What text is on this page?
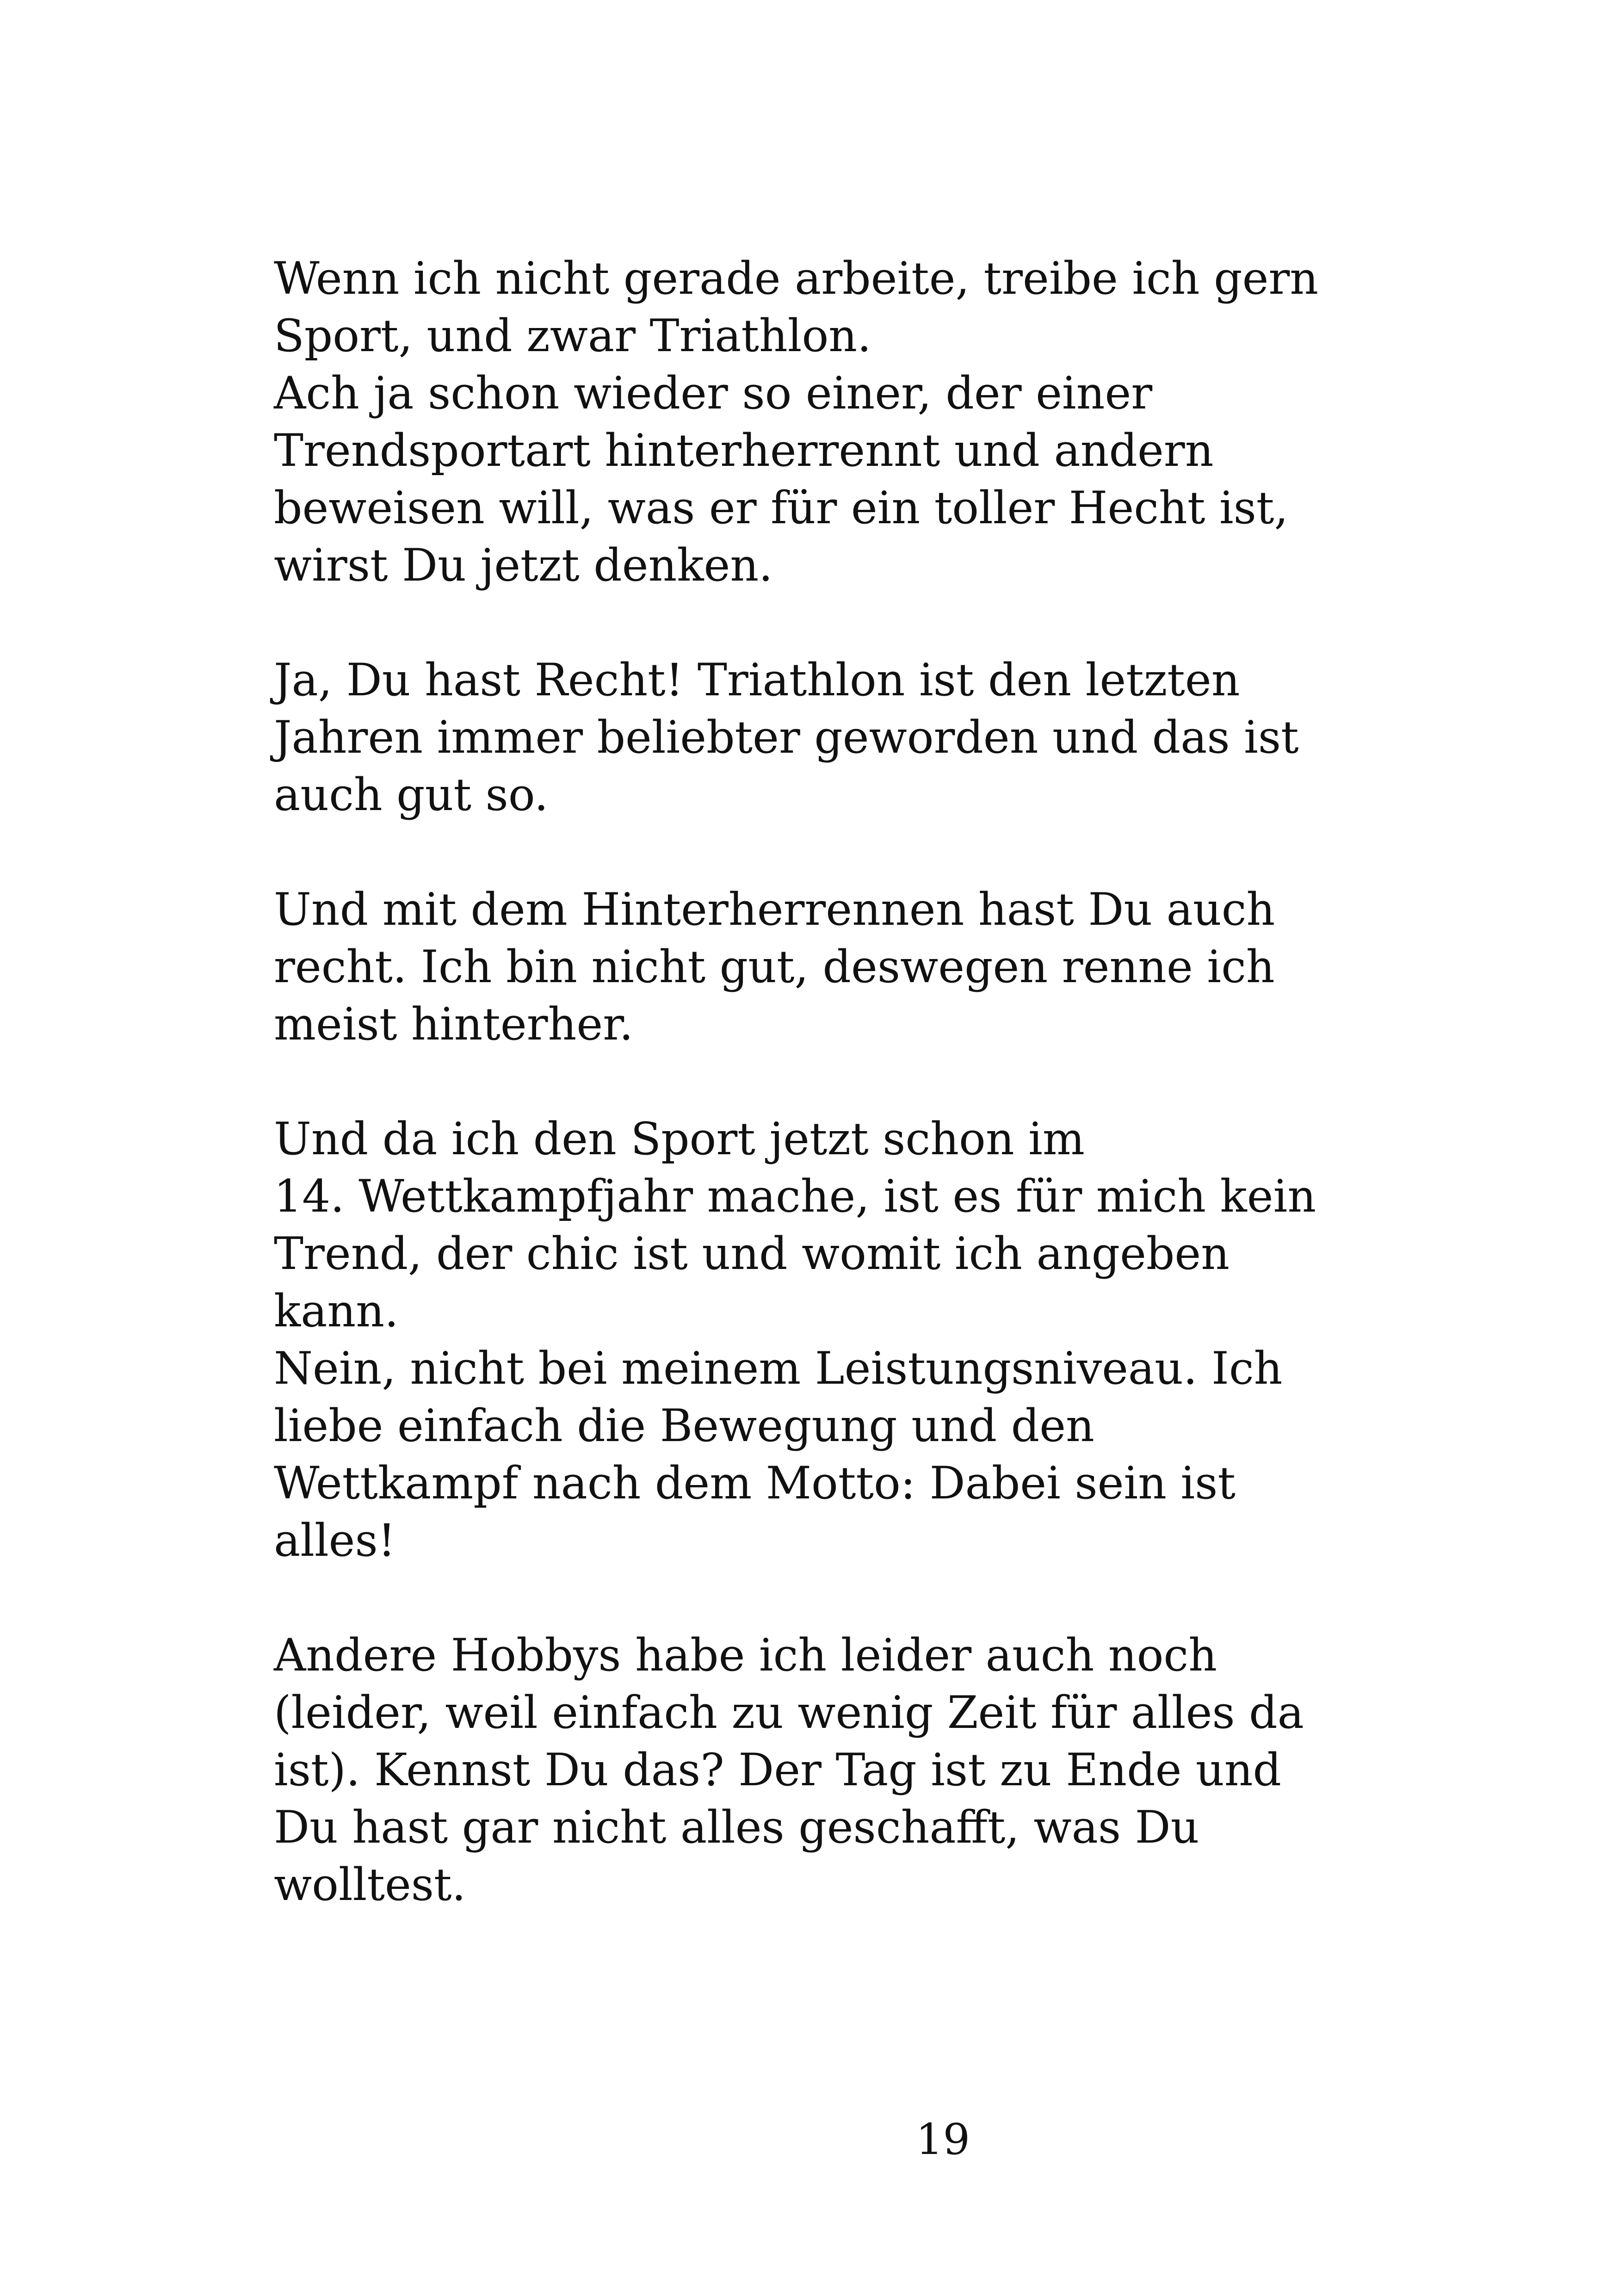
Wenn ich nicht gerade arbeite, treibe ich gern
Sport, und zwar Triathlon.
Ach ja schon wieder so einer, der einer
Trendsportart hinterherrennt und andern
beweisen will, was er für ein toller Hecht ist,
wirst Du jetzt denken.
Ja, Du hast Recht! Triathlon ist den letzten
Jahren immer beliebter geworden und das ist
auch gut so.
Und mit dem Hinterherrennen hast Du auch
recht. Ich bin nicht gut, deswegen renne ich
meist hinterher.
Und da ich den Sport jetzt schon im
14. Wettkampfjahr mache, ist es für mich kein
Trend, der chic ist und womit ich angeben
kann.
Nein, nicht bei meinem Leistungsniveau. Ich
liebe einfach die Bewegung und den
Wettkampf nach dem Motto: Dabei sein ist
alles!
Andere Hobbys habe ich leider auch noch
(leider, weil einfach zu wenig Zeit für alles da
ist). Kennst Du das? Der Tag ist zu Ende und
Du hast gar nicht alles geschafft, was Du
wolltest.
19
